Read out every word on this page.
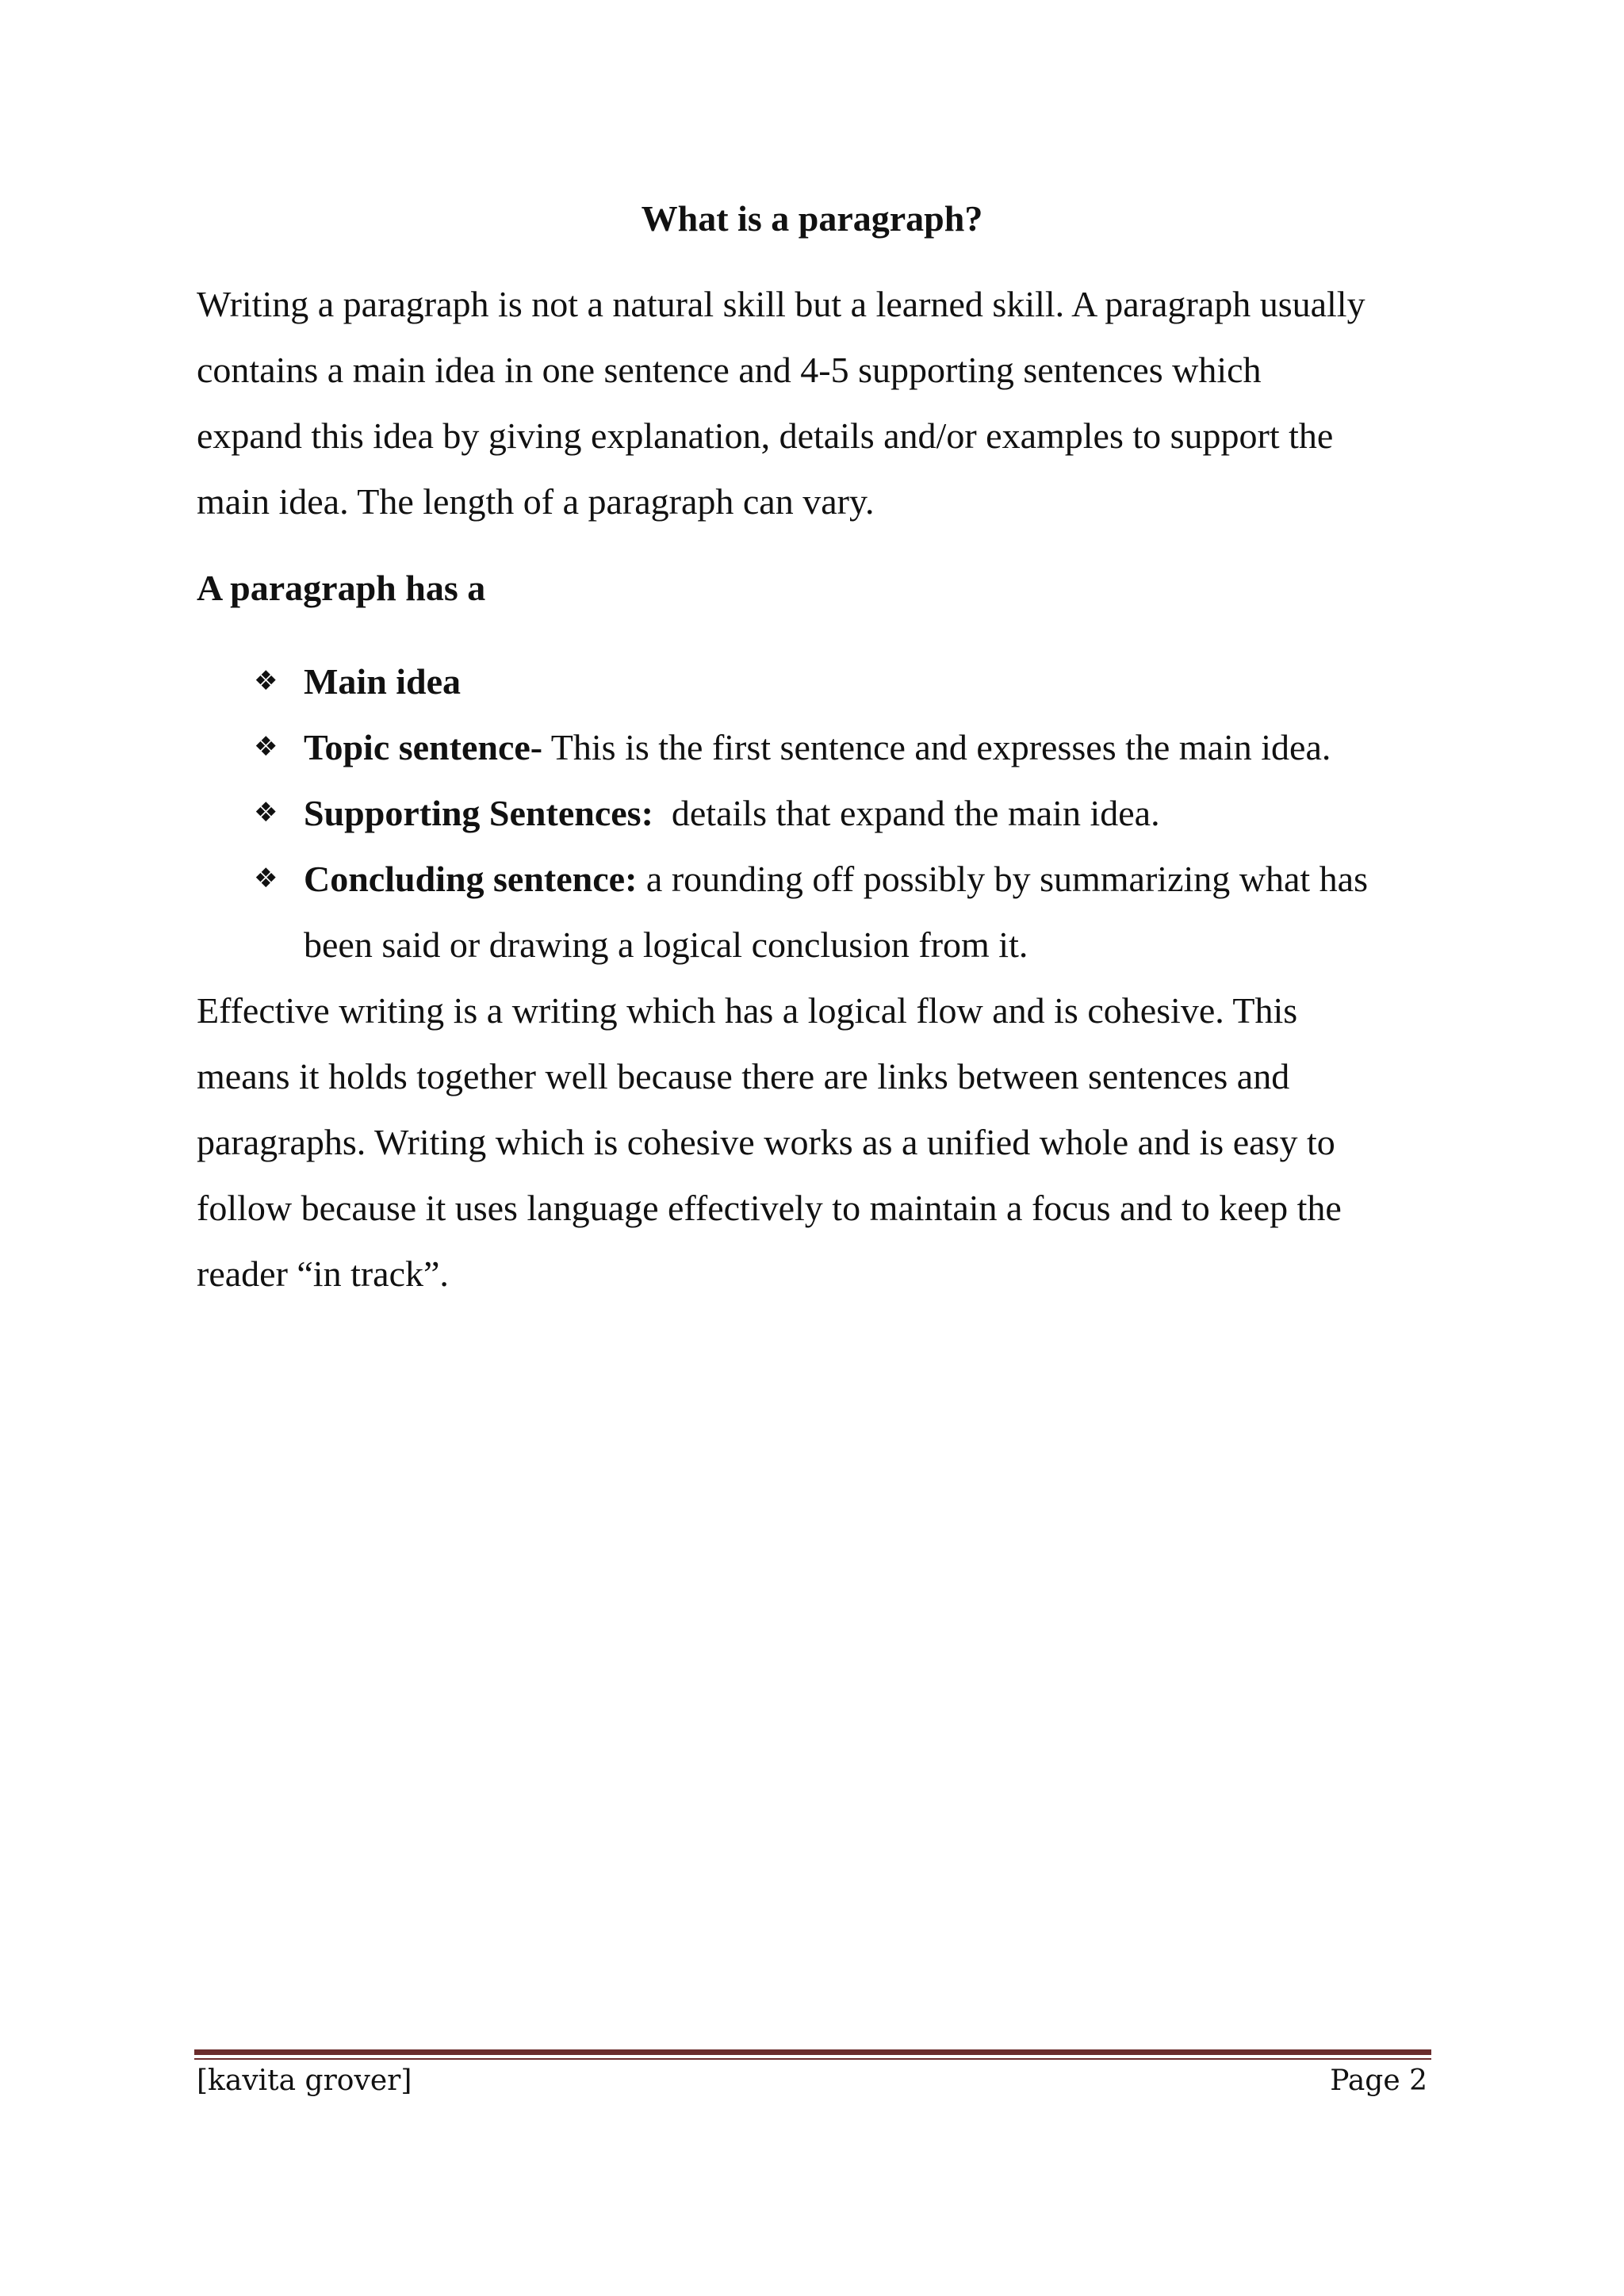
What is a paragraph?

Writing a paragraph is not a natural skill but a learned skill. A paragraph usually
contains a main idea in one sentence and 4-5 supporting sentences which
expand this idea by giving explanation, details and/or examples to support the
main idea. The length of a paragraph can vary.

A paragraph has a
❖ Main idea
❖ Topic sentence- This is the first sentence and expresses the main idea.
❖ Supporting Sentences:  details that expand the main idea.
❖ Concluding sentence: a rounding off possibly by summarizing what has
been said or drawing a logical conclusion from it.

Effective writing is a writing which has a logical flow and is cohesive. This
means it holds together well because there are links between sentences and
paragraphs. Writing which is cohesive works as a unified whole and is easy to
follow because it uses language effectively to maintain a focus and to keep the
reader “in track”.

[kavita grover]	Page 2
